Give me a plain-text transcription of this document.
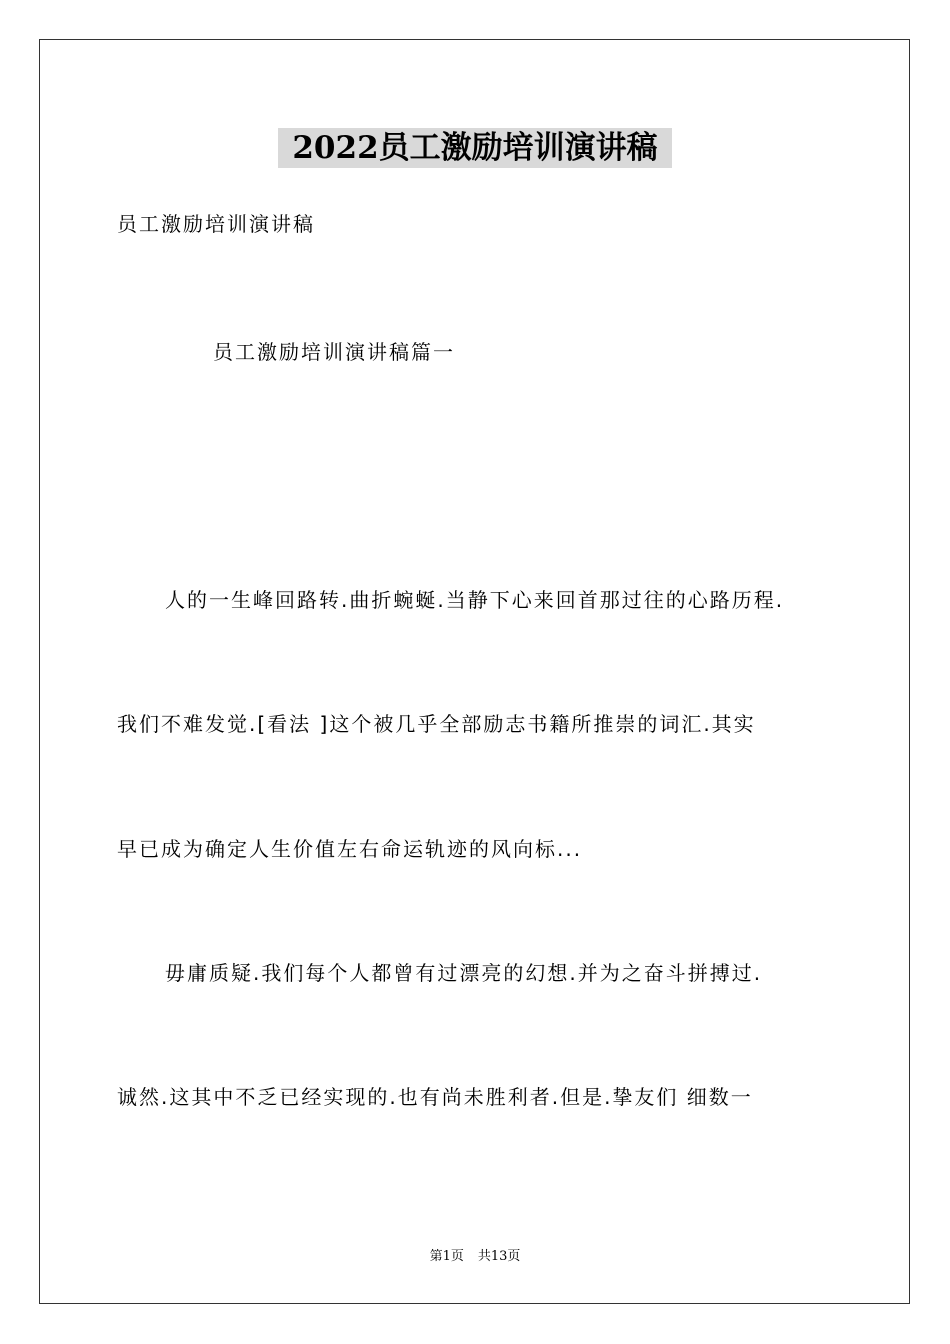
2022员工激励培训演讲稿

员工激励培训演讲稿

员工激励培训演讲稿篇一

人的一生峰回路转.曲折蜿蜒.当静下心来回首那过往的心路历程.

我们不难发觉.[看法 ]这个被几乎全部励志书籍所推崇的词汇.其实

早已成为确定人生价值左右命运轨迹的风向标...

毋庸质疑.我们每个人都曾有过漂亮的幻想.并为之奋斗拼搏过.

诚然.这其中不乏已经实现的.也有尚未胜利者.但是.挚友们 细数一

第1页 共13页
